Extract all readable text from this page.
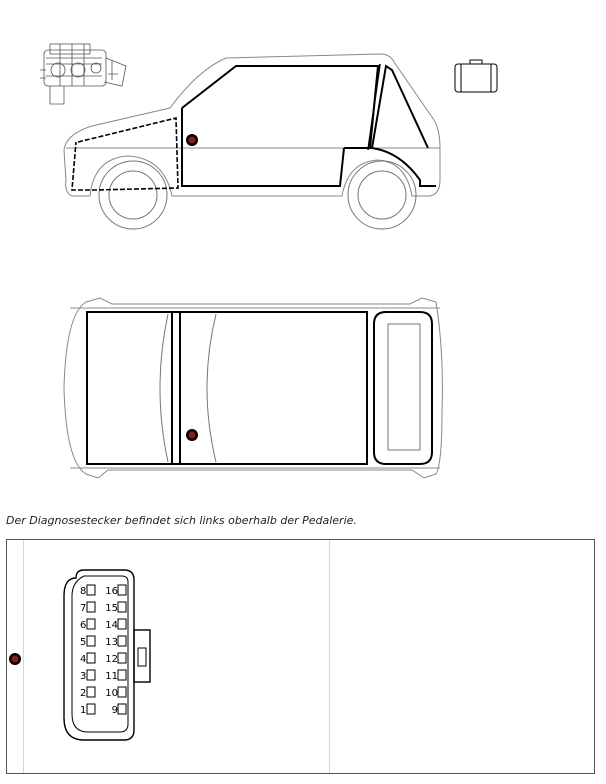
Der Diagnosestecker befindet sich links oberhalb der Pedalerie.
8
7
6
5
4
3
2
1
16
15
14
13
12
11
10
9
